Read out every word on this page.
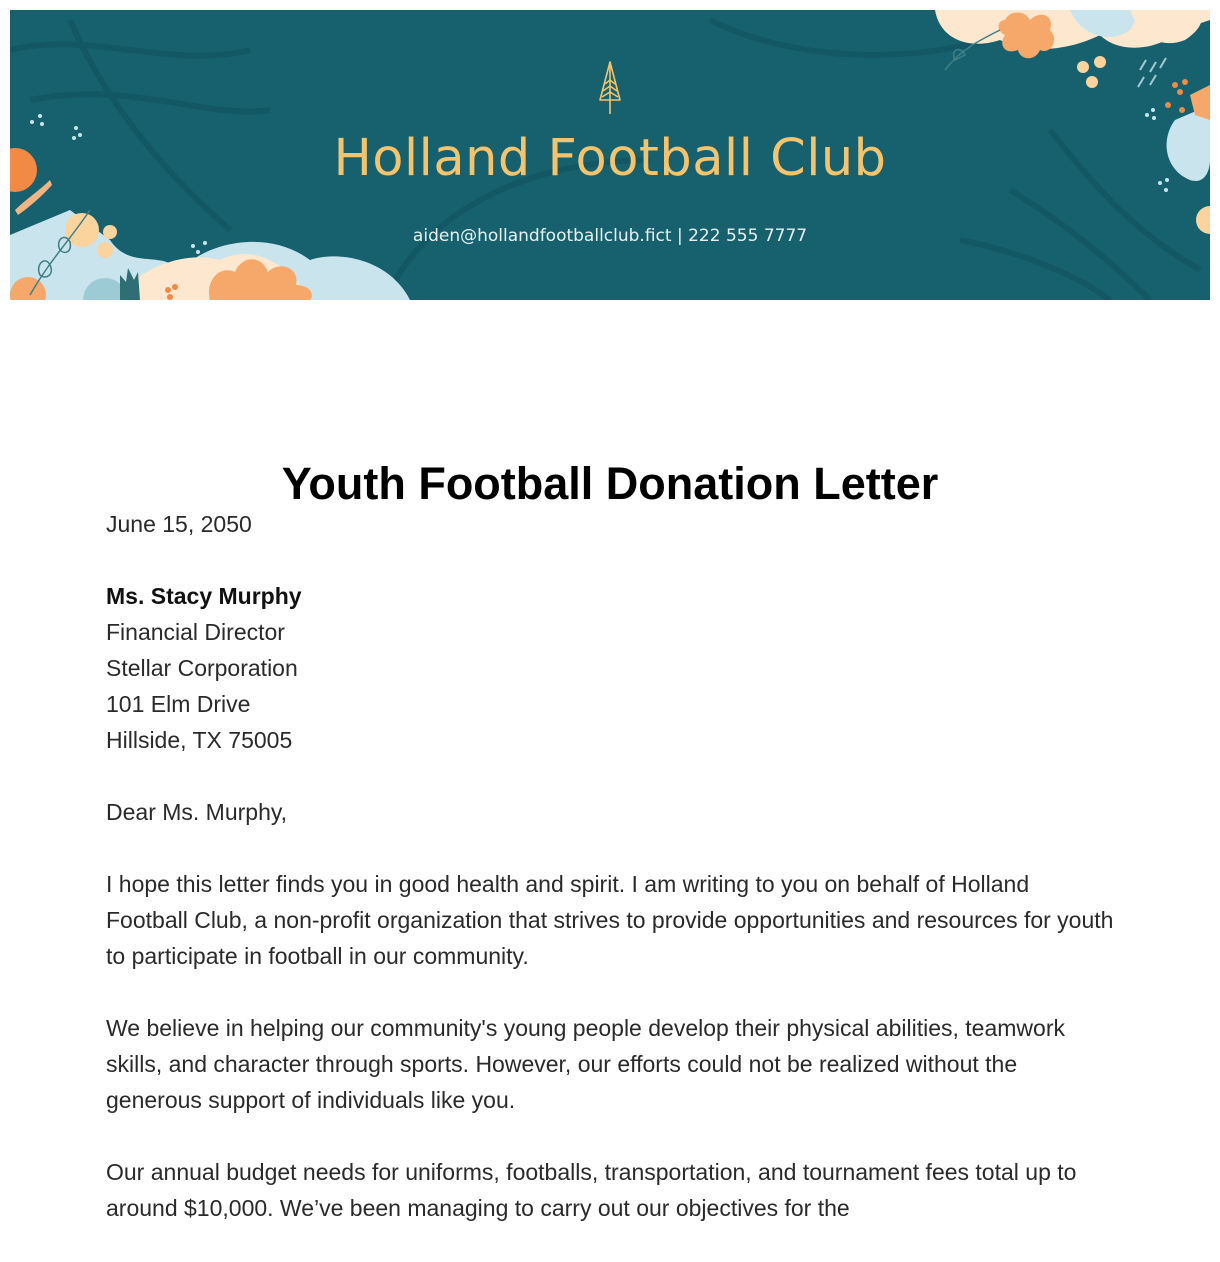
Holland Football Club
aiden@hollandfootballclub.fict | 222 555 7777
Youth Football Donation Letter

June 15, 2050

Ms. Stacy Murphy
Financial Director
Stellar Corporation
101 Elm Drive
Hillside, TX 75005

Dear Ms. Murphy,

I hope this letter finds you in good health and spirit. I am writing to you on behalf of Holland Football Club, a non-profit organization that strives to provide opportunities and resources for youth to participate in football in our community.

We believe in helping our community's young people develop their physical abilities, teamwork skills, and character through sports. However, our efforts could not be realized without the generous support of individuals like you.

Our annual budget needs for uniforms, footballs, transportation, and tournament fees total up to around $10,000. We’ve been managing to carry out our objectives for the
